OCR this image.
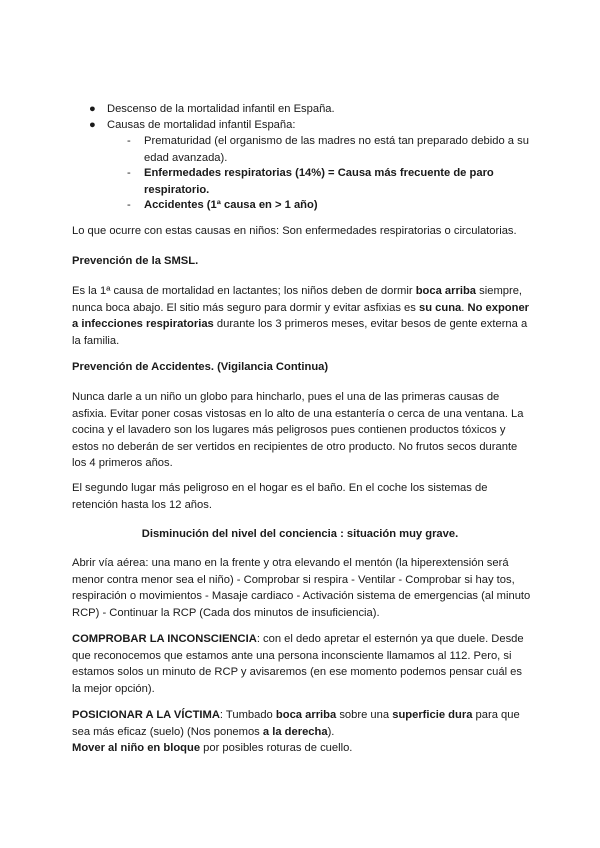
● Descenso de la mortalidad infantil en España.
● Causas de mortalidad infantil España:
- Prematuridad (el organismo de las madres no está tan preparado debido a su edad avanzada).
- Enfermedades respiratorias (14%) = Causa más frecuente de paro respiratorio.
- Accidentes (1ª causa en > 1 año)

Lo que ocurre con estas causas en niños: Son enfermedades respiratorias o circulatorias.

Prevención de la SMSL.

Es la 1ª causa de mortalidad en lactantes; los niños deben de dormir boca arriba siempre, nunca boca abajo. El sitio más seguro para dormir y evitar asfixias es su cuna. No exponer a infecciones respiratorias durante los 3 primeros meses, evitar besos de gente externa a la familia.

Prevención de Accidentes. (Vigilancia Continua)

Nunca darle a un niño un globo para hincharlo, pues el una de las primeras causas de asfixia. Evitar poner cosas vistosas en lo alto de una estantería o cerca de una ventana. La cocina y el lavadero son los lugares más peligrosos pues contienen productos tóxicos y estos no deberán de ser vertidos en recipientes de otro producto. No frutos secos durante los 4 primeros años.

El segundo lugar más peligroso en el hogar es el baño. En el coche los sistemas de retención hasta los 12 años.

Disminución del nivel del conciencia : situación muy grave.

Abrir vía aérea: una mano en la frente y otra elevando el mentón (la hiperextensión será menor contra menor sea el niño) - Comprobar si respira - Ventilar - Comprobar si hay tos, respiración o movimientos - Masaje cardiaco - Activación sistema de emergencias (al minuto RCP) - Continuar la RCP (Cada dos minutos de insuficiencia).

COMPROBAR LA INCONSCIENCIA: con el dedo apretar el esternón ya que duele. Desde que reconocemos que estamos ante una persona inconsciente llamamos al 112. Pero, si estamos solos un minuto de RCP y avisaremos (en ese momento podemos pensar cuál es la mejor opción).

POSICIONAR A LA VÍCTIMA: Tumbado boca arriba sobre una superficie dura para que sea más eficaz (suelo) (Nos ponemos a la derecha).
Mover al niño en bloque por posibles roturas de cuello.
